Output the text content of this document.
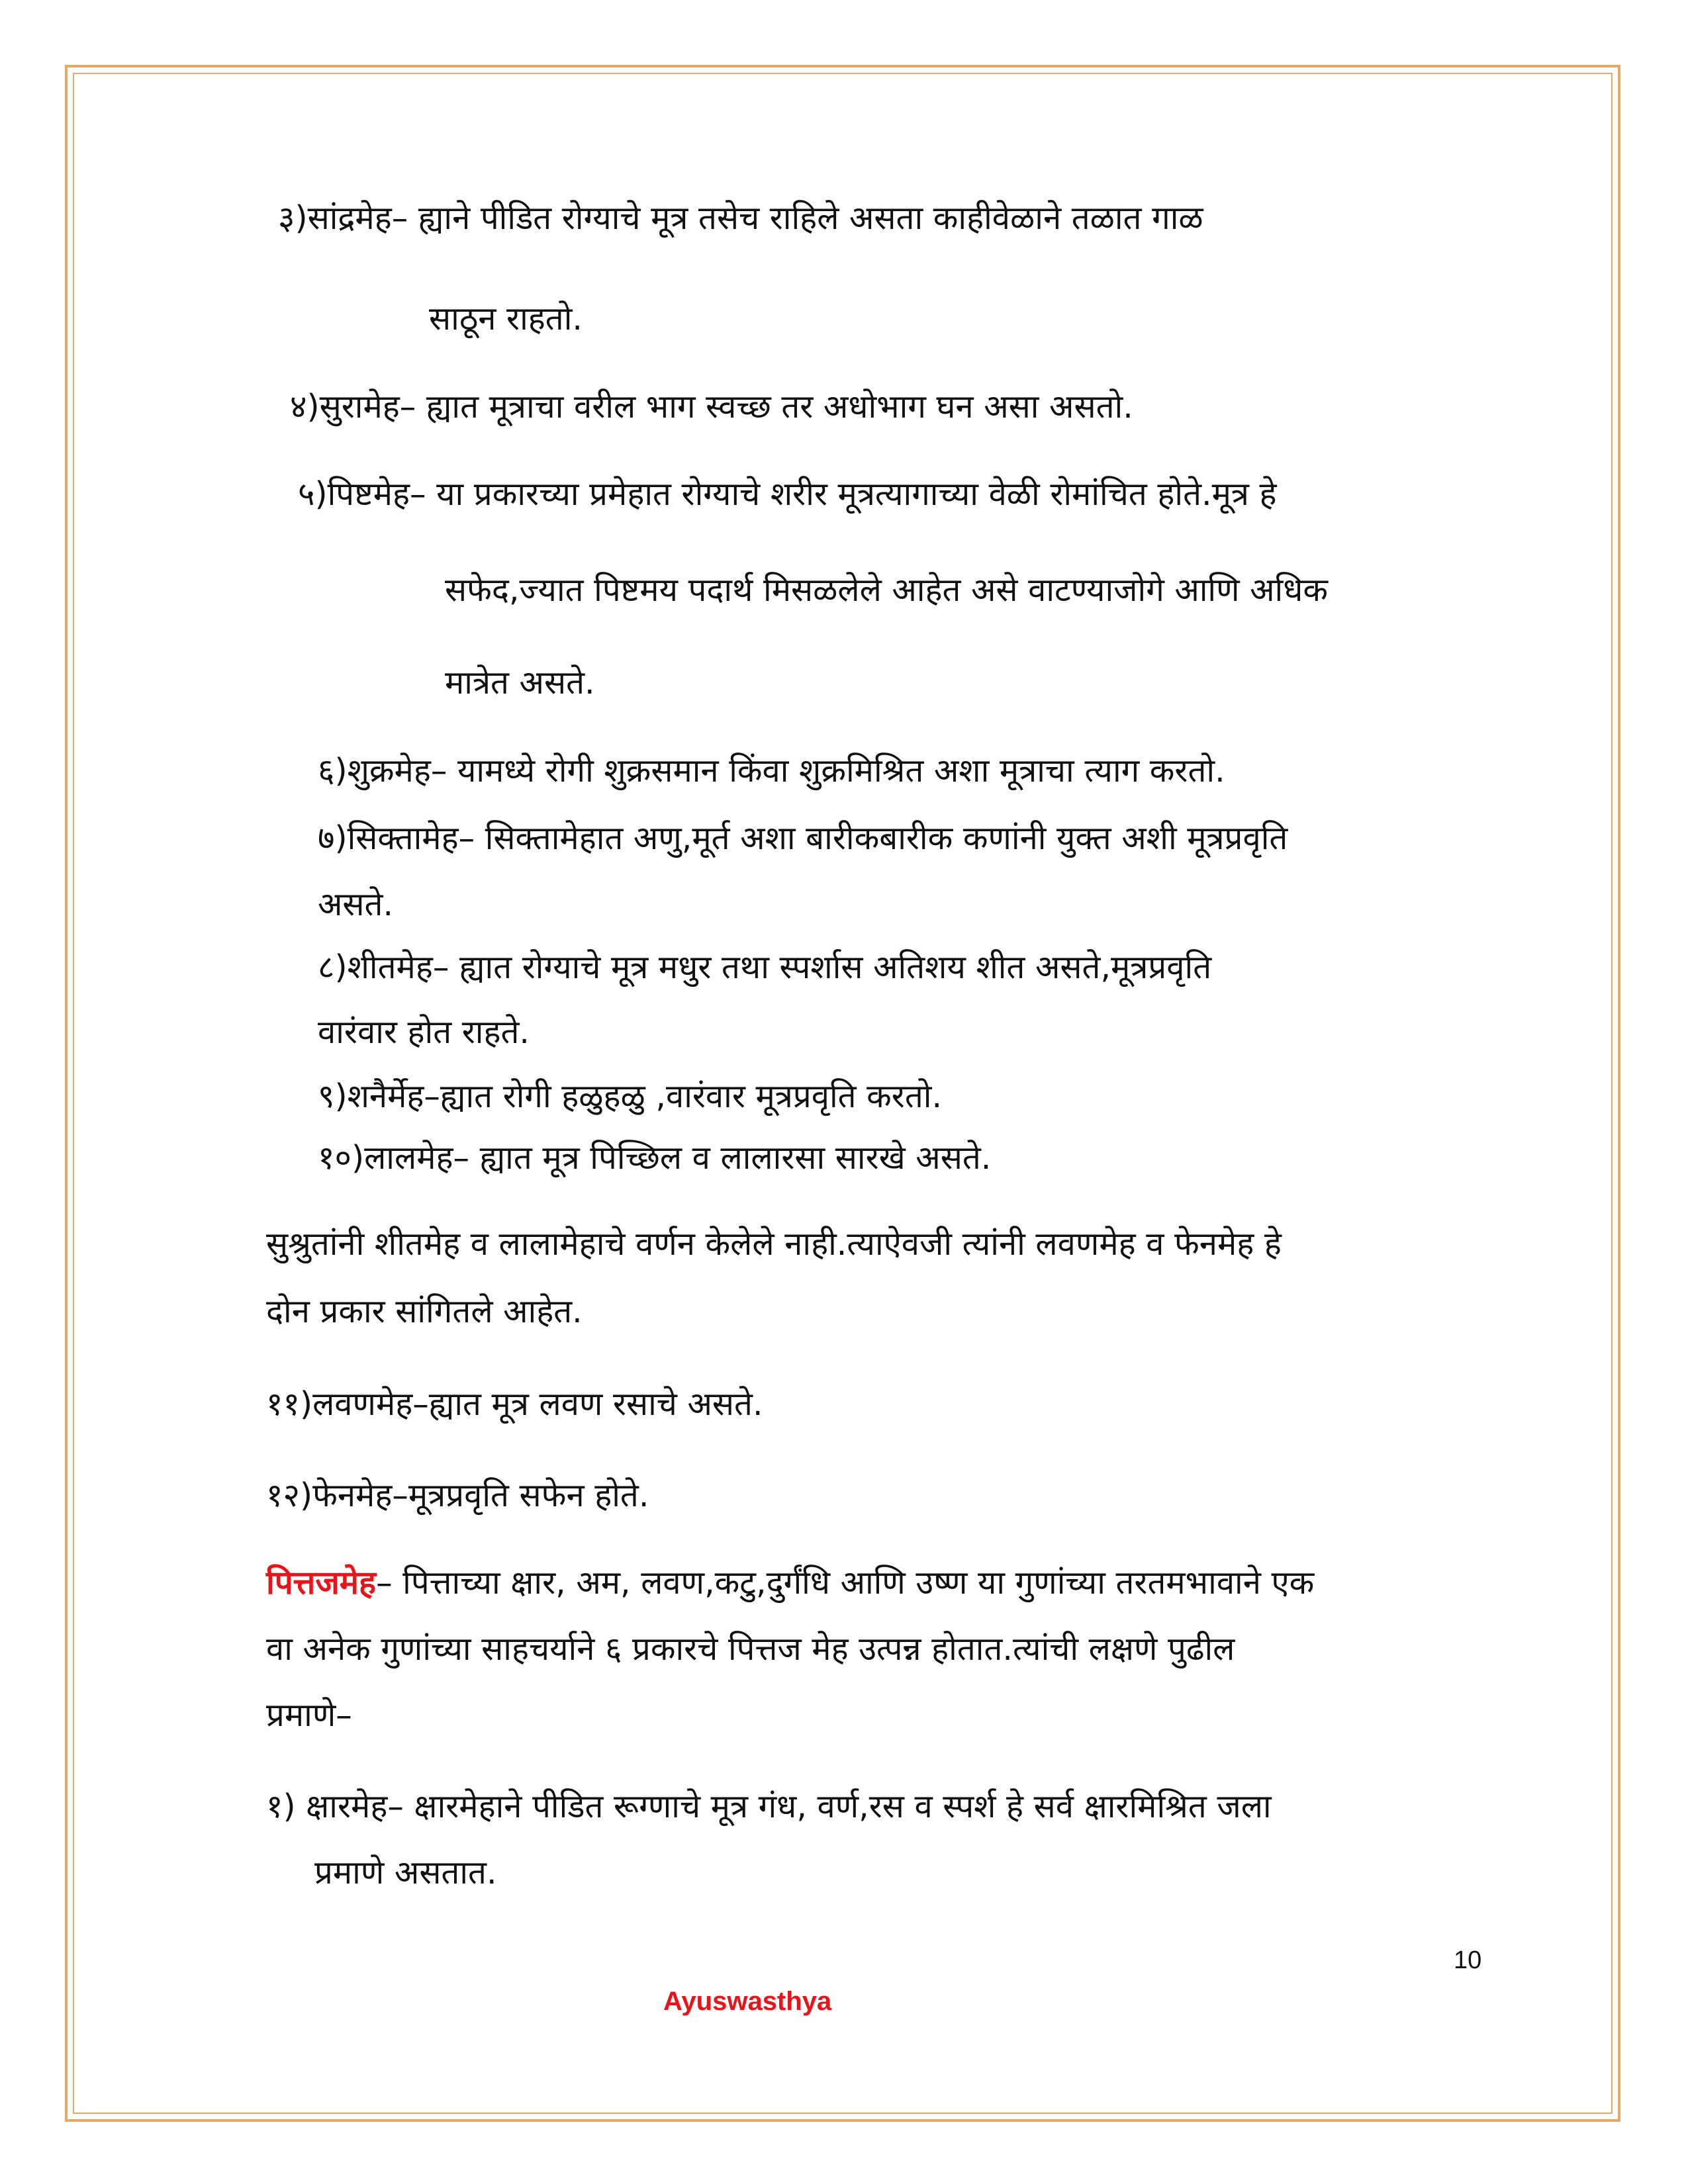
३)सांद्रमेह– ह्याने पीडित रोग्याचे मूत्र तसेच राहिले असता काहीवेळाने तळात गाळ

साठून राहतो.

४)सुरामेह– ह्यात मूत्राचा वरील भाग स्वच्छ तर अधोभाग घन असा असतो.

५)पिष्टमेह– या प्रकारच्या प्रमेहात रोग्याचे शरीर मूत्रत्यागाच्या वेळी रोमांचित होते.मूत्र हे

सफेद,ज्यात पिष्टमय पदार्थ मिसळलेले आहेत असे वाटण्याजोगे आणि अधिक

मात्रेत असते.

६)शुक्रमेह– यामध्ये रोगी शुक्रसमान किंवा शुक्रमिश्रित अशा मूत्राचा त्याग करतो.

७)सिक्तामेह– सिक्तामेहात अणु,मूर्त अशा बारीकबारीक कणांनी युक्त अशी मूत्रप्रवृति

असते.

८)शीतमेह– ह्यात रोग्याचे मूत्र मधुर तथा स्पर्शास अतिशय शीत असते,मूत्रप्रवृति

वारंवार होत राहते.

९)शनैर्मेह–ह्यात रोगी हळुहळु ,वारंवार मूत्रप्रवृति करतो.

१०)लालमेह– ह्यात मूत्र पिच्छिल व लालारसा सारखे असते.

सुश्रुतांनी शीतमेह व लालामेहाचे वर्णन केलेले नाही.त्याऐवजी त्यांनी लवणमेह व फेनमेह हे

दोन प्रकार सांगितले आहेत.

११)लवणमेह–ह्यात मूत्र लवण रसाचे असते.

१२)फेनमेह–मूत्रप्रवृति सफेन होते.

पित्तजमेह– पित्ताच्या क्षार, अम, लवण,कटु,दुर्गंधि आणि उष्ण या गुणांच्या तरतमभावाने एक

वा अनेक गुणांच्या साहचर्याने ६ प्रकारचे पित्तज मेह उत्पन्न होतात.त्यांची लक्षणे पुढील

प्रमाणे–

१) क्षारमेह– क्षारमेहाने पीडित रूग्णाचे मूत्र गंध, वर्ण,रस व स्पर्श हे सर्व क्षारमिश्रित जला

प्रमाणे असतात.

10
Ayuswasthya
